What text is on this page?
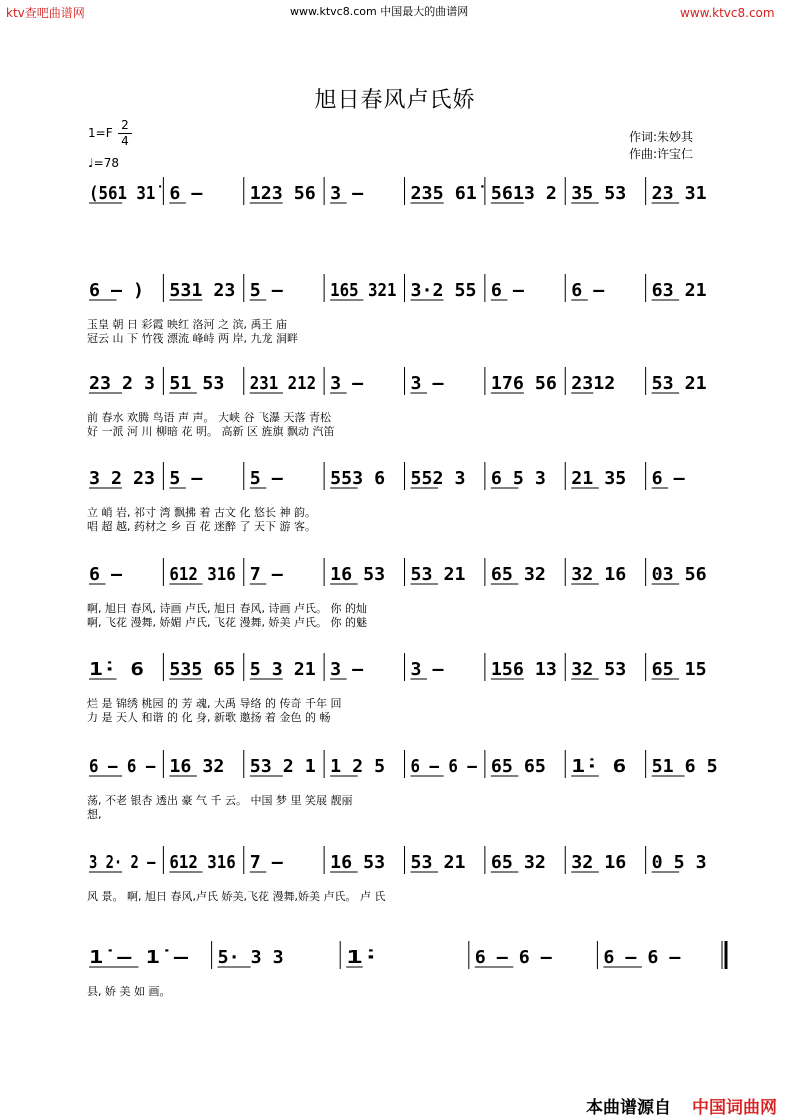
ktv查吧曲谱网	www.ktvc8.com 中国最大的曲谱网	www.ktvc8.com
旭日春风卢氏娇
1=F
2
4
♩=78
作词:朱妙其
作曲:许宝仁
(561 31̇ 6 –	123 56 3 –	235 61̇ 5613 2 35 53 23 31
6 – ) 531 23 5 –	165 321 3·2 55 6 –	6 –	63 21
23 2 3 51 53 231 212 3 –	3 –	176 56 2312 53 21
3 2 23 5 –	5 –	553 6 552 3 6 5 3 21 35 6 –
6 –	612 316 7 –	16 53 53 21 65 32 32 16 03 56
1̇· 6 535 65 5 3 21 3 –	3 –	156 13 32 53 65 15
6 – 6 – 16 32 53 2 1 1 2 5 6 – 6 – 65 65 1̇· 6 51 6 5
3 2· 2 – 612 316 7 –	16 53 53 21 65 32 32 16 0 5 3
1̇ – 1̇ – 5· 3 3	1̇·	6 – 6 –	6 – 6 –
本曲谱源自 中国词曲网
玉皇 朝 日 彩霞 映红 洛河 之 滨, 禹王 庙
冠云 山 下 竹筏 漂流 峰峙 两 岸, 九龙 洞畔
前 春水 欢腾 鸟语 声 声。 大峡 谷 飞瀑 天落 青松
好 一派 河 川 柳暗 花 明。 高新 区 旌旗 飘动 汽笛
立 峭 岩, 祁寸 湾 飘拂 着 古文 化 悠长 神 韵。
唱 超 越, 药材之 乡 百 花 迷醉 了 天下 游 客。
啊, 旭日 春风, 诗画 卢氏, 旭日 春风, 诗画 卢氏。 你 的灿
啊, 飞花 漫舞, 娇媚 卢氏, 飞花 漫舞, 娇美 卢氏。 你 的魅
烂 是 锦绣 桃园 的 芳 魂, 大禹 导络 的 传奇 千年 回
力 是 天人 和谐 的 化 身, 新歌 邀扬 着 金色 的 畅
荡, 不老 银杏 透出 豪 气 千 云。 中国 梦 里 笑展 靓丽
想,
风 景。 啊, 旭日 春风,卢氏 娇美,飞花 漫舞,娇美 卢氏。 卢 氏
县, 娇 美 如 画。
